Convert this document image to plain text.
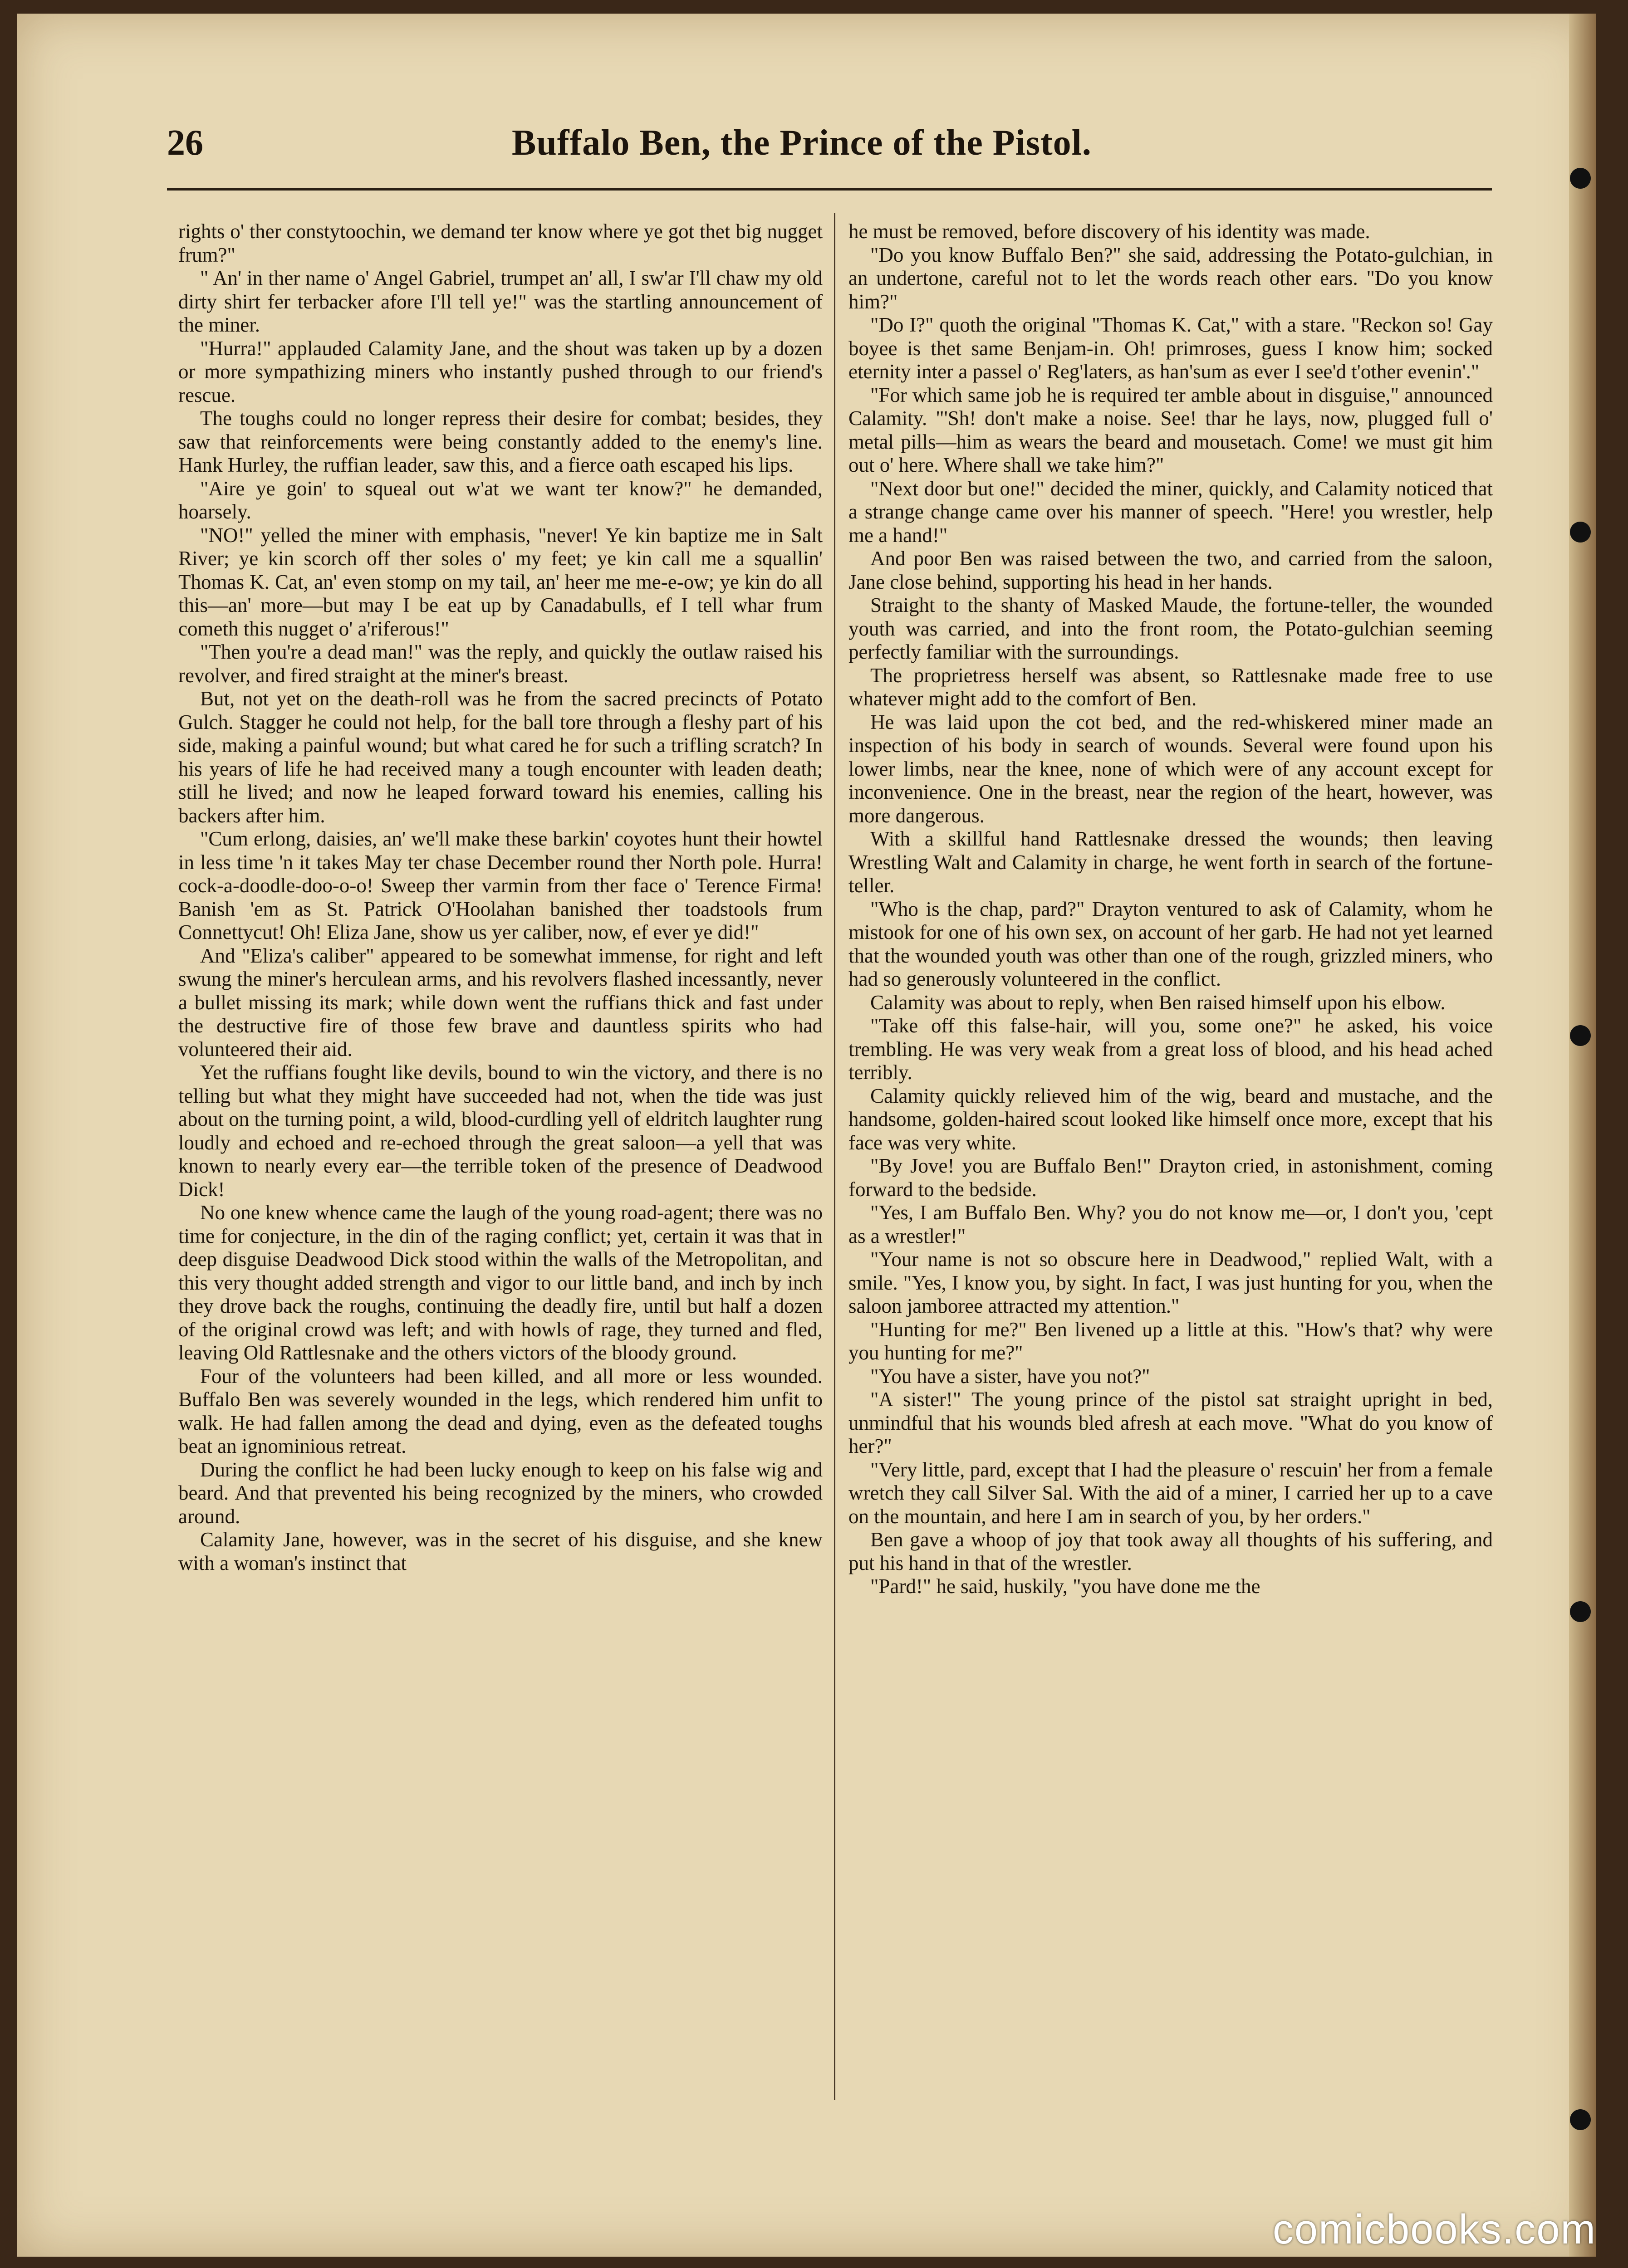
26	Buffalo Ben, the Prince of the Pistol.

rights o' ther constytoochin, we demand ter know where ye got thet big nugget frum?"

" An' in ther name o' Angel Gabriel, trumpet an' all, I sw'ar I'll chaw my old dirty shirt fer terbacker afore I'll tell ye!" was the startling announcement of the miner.

"Hurra!" applauded Calamity Jane, and the shout was taken up by a dozen or more sympathizing miners who instantly pushed through to our friend's rescue.

The toughs could no longer repress their desire for combat; besides, they saw that reinforcements were being constantly added to the enemy's line. Hank Hurley, the ruffian leader, saw this, and a fierce oath escaped his lips.

"Aire ye goin' to squeal out w'at we want ter know?" he demanded, hoarsely.

"NO!" yelled the miner with emphasis, "never! Ye kin baptize me in Salt River; ye kin scorch off ther soles o' my feet; ye kin call me a squallin' Thomas K. Cat, an' even stomp on my tail, an' heer me me-e-ow; ye kin do all this—an' more—but may I be eat up by Canadabulls, ef I tell whar frum cometh this nugget o' a'riferous!"

"Then you're a dead man!" was the reply, and quickly the outlaw raised his revolver, and fired straight at the miner's breast.

But, not yet on the death-roll was he from the sacred precincts of Potato Gulch. Stagger he could not help, for the ball tore through a fleshy part of his side, making a painful wound; but what cared he for such a trifling scratch? In his years of life he had received many a tough encounter with leaden death; still he lived; and now he leaped forward toward his enemies, calling his backers after him.

"Cum erlong, daisies, an' we'll make these barkin' coyotes hunt their howtel in less time 'n it takes May ter chase December round ther North pole. Hurra! cock-a-doodle-doo-o-o! Sweep ther varmin from ther face o' Terence Firma! Banish 'em as St. Patrick O'Hoolahan banished ther toadstools frum Connettycut! Oh! Eliza Jane, show us yer caliber, now, ef ever ye did!"

And "Eliza's caliber" appeared to be somewhat immense, for right and left swung the miner's herculean arms, and his revolvers flashed incessantly, never a bullet missing its mark; while down went the ruffians thick and fast under the destructive fire of those few brave and dauntless spirits who had volunteered their aid.

Yet the ruffians fought like devils, bound to win the victory, and there is no telling but what they might have succeeded had not, when the tide was just about on the turning point, a wild, blood-curdling yell of eldritch laughter rung loudly and echoed and re-echoed through the great saloon—a yell that was known to nearly every ear—the terrible token of the presence of Deadwood Dick!

No one knew whence came the laugh of the young road-agent; there was no time for conjecture, in the din of the raging conflict; yet, certain it was that in deep disguise Deadwood Dick stood within the walls of the Metropolitan, and this very thought added strength and vigor to our little band, and inch by inch they drove back the roughs, continuing the deadly fire, until but half a dozen of the original crowd was left; and with howls of rage, they turned and fled, leaving Old Rattlesnake and the others victors of the bloody ground.

Four of the volunteers had been killed, and all more or less wounded. Buffalo Ben was severely wounded in the legs, which rendered him unfit to walk. He had fallen among the dead and dying, even as the defeated toughs beat an ignominious retreat.

During the conflict he had been lucky enough to keep on his false wig and beard. And that prevented his being recognized by the miners, who crowded around.

Calamity Jane, however, was in the secret of his disguise, and she knew with a woman's instinct that

he must be removed, before discovery of his identity was made.

"Do you know Buffalo Ben?" she said, addressing the Potato-gulchian, in an undertone, careful not to let the words reach other ears. "Do you know him?"

"Do I?" quoth the original "Thomas K. Cat," with a stare. "Reckon so! Gay boyee is thet same Benjam-in. Oh! primroses, guess I know him; socked eternity inter a passel o' Reg'laters, as han'sum as ever I see'd t'other evenin'."

"For which same job he is required ter amble about in disguise," announced Calamity. "'Sh! don't make a noise. See! thar he lays, now, plugged full o' metal pills—him as wears the beard and mousetach. Come! we must git him out o' here. Where shall we take him?"

"Next door but one!" decided the miner, quickly, and Calamity noticed that a strange change came over his manner of speech. "Here! you wrestler, help me a hand!"

And poor Ben was raised between the two, and carried from the saloon, Jane close behind, supporting his head in her hands.

Straight to the shanty of Masked Maude, the fortune-teller, the wounded youth was carried, and into the front room, the Potato-gulchian seeming perfectly familiar with the surroundings.

The proprietress herself was absent, so Rattlesnake made free to use whatever might add to the comfort of Ben.

He was laid upon the cot bed, and the red-whiskered miner made an inspection of his body in search of wounds. Several were found upon his lower limbs, near the knee, none of which were of any account except for inconvenience. One in the breast, near the region of the heart, however, was more dangerous.

With a skillful hand Rattlesnake dressed the wounds; then leaving Wrestling Walt and Calamity in charge, he went forth in search of the fortune-teller.

"Who is the chap, pard?" Drayton ventured to ask of Calamity, whom he mistook for one of his own sex, on account of her garb. He had not yet learned that the wounded youth was other than one of the rough, grizzled miners, who had so generously volunteered in the conflict.

Calamity was about to reply, when Ben raised himself upon his elbow.

"Take off this false-hair, will you, some one?" he asked, his voice trembling. He was very weak from a great loss of blood, and his head ached terribly.

Calamity quickly relieved him of the wig, beard and mustache, and the handsome, golden-haired scout looked like himself once more, except that his face was very white.

"By Jove! you are Buffalo Ben!" Drayton cried, in astonishment, coming forward to the bedside.

"Yes, I am Buffalo Ben. Why? you do not know me—or, I don't you, 'cept as a wrestler!"

"Your name is not so obscure here in Deadwood," replied Walt, with a smile. "Yes, I know you, by sight. In fact, I was just hunting for you, when the saloon jamboree attracted my attention."

"Hunting for me?" Ben livened up a little at this. "How's that? why were you hunting for me?"

"You have a sister, have you not?"

"A sister!" The young prince of the pistol sat straight upright in bed, unmindful that his wounds bled afresh at each move. "What do you know of her?"

"Very little, pard, except that I had the pleasure o' rescuin' her from a female wretch they call Silver Sal. With the aid of a miner, I carried her up to a cave on the mountain, and here I am in search of you, by her orders."

Ben gave a whoop of joy that took away all thoughts of his suffering, and put his hand in that of the wrestler.

"Pard!" he said, huskily, "you have done me the

comicbooks.com
